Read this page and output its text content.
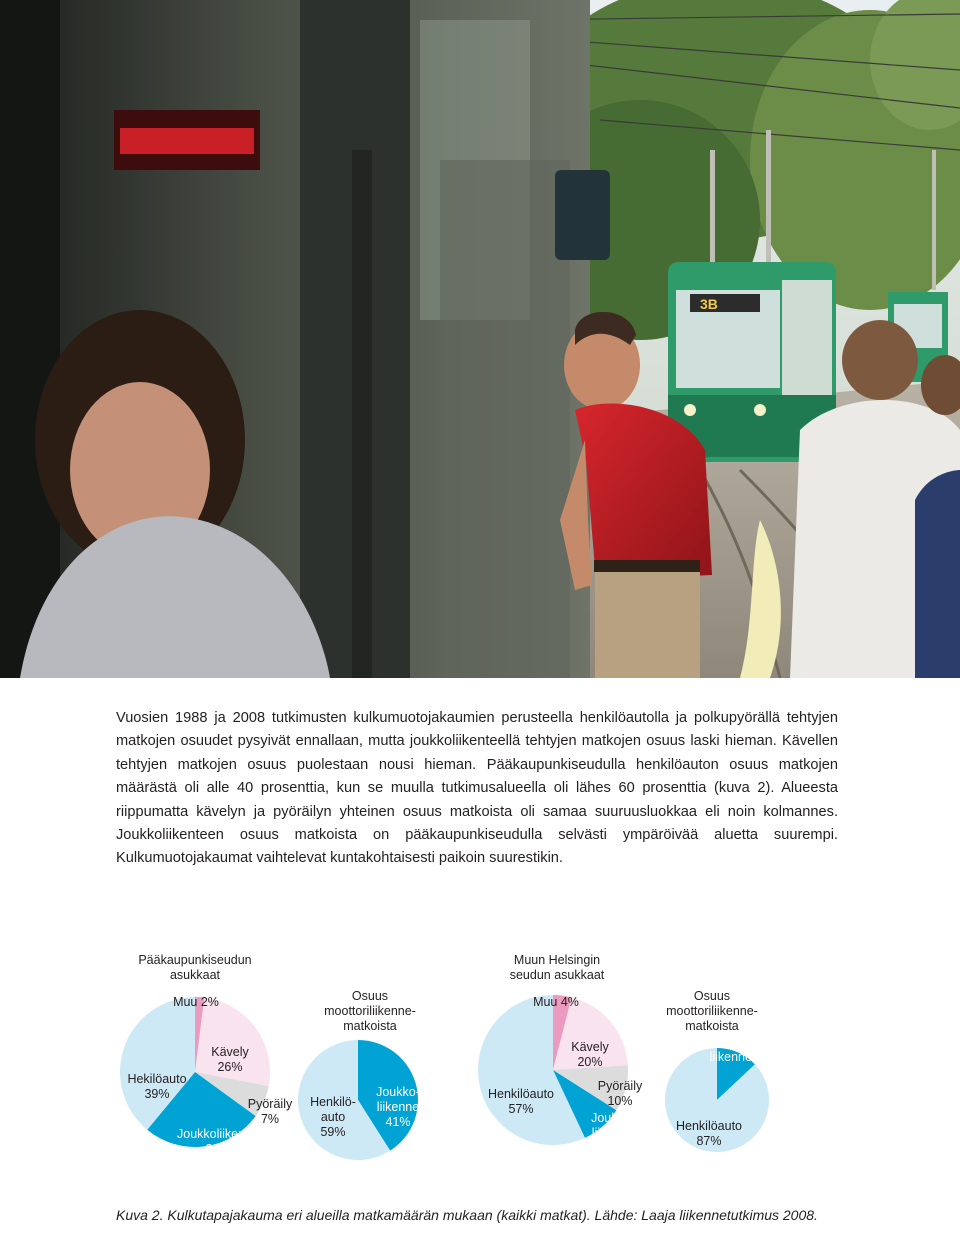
3B

Vuosien 1988 ja 2008 tutkimusten kulkumuotojakaumien perusteella henkilöautolla ja polkupyörällä tehtyjen matkojen osuudet pysyivät ennallaan, mutta joukkoliikenteellä tehtyjen matkojen osuus laski hieman. Kävellen tehtyjen matkojen osuus puolestaan nousi hieman. Pääkaupunkiseudulla henkilöauton osuus matkojen määrästä oli alle 40 prosenttia, kun se muulla tutkimusalueella oli lähes 60 prosenttia (kuva 2). Alueesta riippumatta kävelyn ja pyöräilyn yhteinen osuus matkoista oli samaa suuruusluokkaa eli noin kolmannes. Joukkoliikenteen osuus matkoista on pääkaupunkiseudulla selvästi ympäröivää aluetta suurempi. Kulkumuotojakaumat vaihtelevat kuntakohtaisesti paikoin suurestikin.

Pääkaupunkiseudun asukkaat
Muu 2%
Kävely 26%
Pyöräily 7%
Joukkoliikenne 26%
Hekilöauto 39%
Osuus moottoriliikenne-matkoista
Joukko-liikenne 41%
Henkilö-auto 59%
Muun Helsingin seudun asukkaat
Muu 4%
Kävely 20%
Pyöräily 10%
Joukko-liikenne 9%
Henkilöauto 57%
Osuus moottoriliikenne-matkoista
Joukko-liikenne 13%
Henkilöauto 87%

Kuva 2. Kulkutapajakauma eri alueilla matkamäärän mukaan (kaikki matkat). Lähde: Laaja liikennetutkimus 2008.
